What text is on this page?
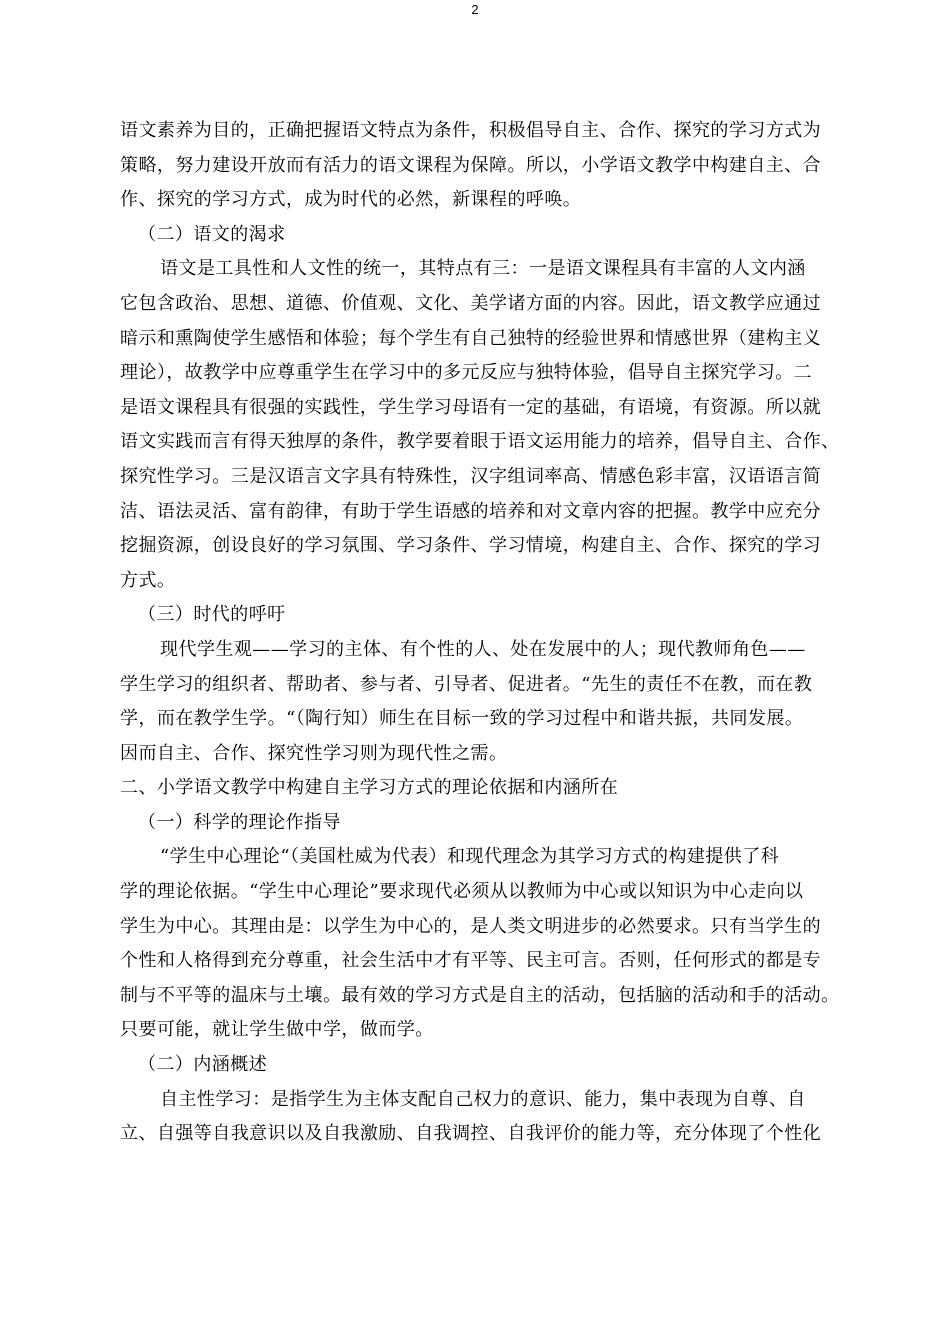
2

语文素养为目的，正确把握语文特点为条件，积极倡导自主、合作、探究的学习方式为

策略，努力建设开放而有活力的语文课程为保障。所以，小学语文教学中构建自主、合

作、探究的学习方式，成为时代的必然，新课程的呼唤。

（二）语文的渴求

语文是工具性和人文性的统一，其特点有三：一是语文课程具有丰富的人文内涵

它包含政治、思想、道德、价值观、文化、美学诸方面的内容。因此，语文教学应通过

暗示和熏陶使学生感悟和体验；每个学生有自己独特的经验世界和情感世界（建构主义

理论），故教学中应尊重学生在学习中的多元反应与独特体验，倡导自主探究学习。二

是语文课程具有很强的实践性，学生学习母语有一定的基础，有语境，有资源。所以就

语文实践而言有得天独厚的条件，教学要着眼于语文运用能力的培养，倡导自主、合作、

探究性学习。三是汉语言文字具有特殊性，汉字组词率高、情感色彩丰富，汉语语言简

洁、语法灵活、富有韵律，有助于学生语感的培养和对文章内容的把握。教学中应充分

挖掘资源，创设良好的学习氛围、学习条件、学习情境，构建自主、合作、探究的学习

方式。

（三）时代的呼吁

现代学生观——学习的主体、有个性的人、处在发展中的人；现代教师角色——

学生学习的组织者、帮助者、参与者、引导者、促进者。“先生的责任不在教，而在教

学，而在教学生学。“（陶行知）师生在目标一致的学习过程中和谐共振，共同发展。

因而自主、合作、探究性学习则为现代性之需。

二、小学语文教学中构建自主学习方式的理论依据和内涵所在

（一）科学的理论作指导

“学生中心理论“（美国杜威为代表）和现代理念为其学习方式的构建提供了科

学的理论依据。“学生中心理论”要求现代必须从以教师为中心或以知识为中心走向以

学生为中心。其理由是：以学生为中心的，是人类文明进步的必然要求。只有当学生的

个性和人格得到充分尊重，社会生活中才有平等、民主可言。否则，任何形式的都是专

制与不平等的温床与土壤。最有效的学习方式是自主的活动，包括脑的活动和手的活动。

只要可能，就让学生做中学，做而学。

（二）内涵概述

自主性学习：是指学生为主体支配自己权力的意识、能力，集中表现为自尊、自

立、自强等自我意识以及自我激励、自我调控、自我评价的能力等，充分体现了个性化
